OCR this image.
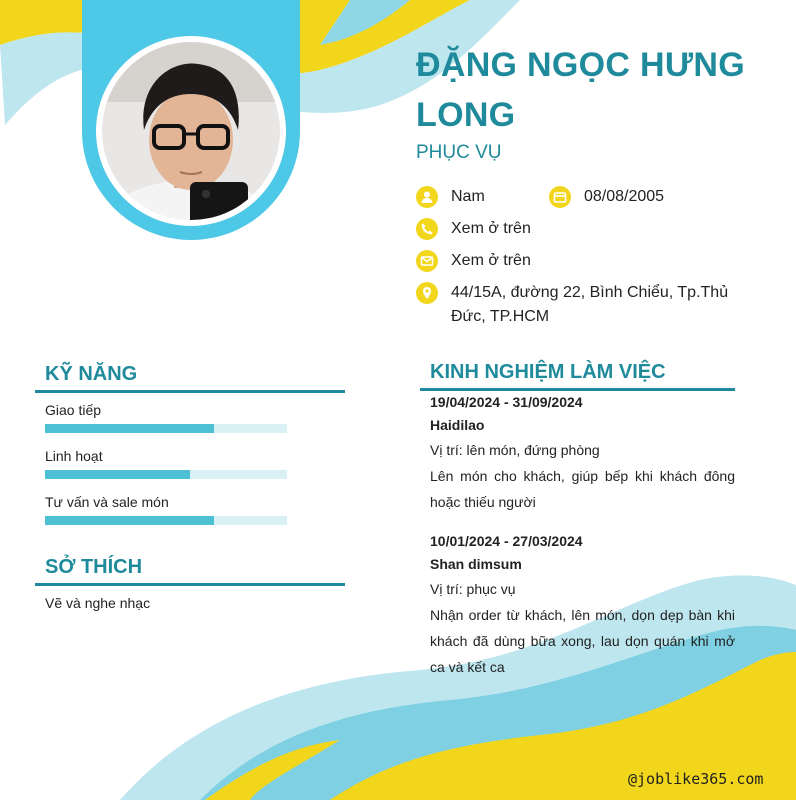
ĐẶNG NGỌC HƯNG LONG
PHỤC VỤ
Nam	08/08/2005
Xem ở trên
Xem ở trên
44/15A, đường 22, Bình Chiểu, Tp.Thủ Đức, TP.HCM
KỸ NĂNG
Giao tiếp
Linh hoạt
Tư vấn và sale món
SỞ THÍCH
Vẽ và nghe nhạc
KINH NGHIỆM LÀM VIỆC
19/04/2024 - 31/09/2024
Haidilao
Vị trí: lên món, đứng phòng
Lên món cho khách, giúp bếp khi khách đông hoặc thiếu người
10/01/2024 - 27/03/2024
Shan dimsum
Vị trí: phục vụ
Nhận order từ khách, lên món, dọn dẹp bàn khi khách đã dùng bữa xong, lau dọn quán khi mở ca và kết ca
@joblike365.com
